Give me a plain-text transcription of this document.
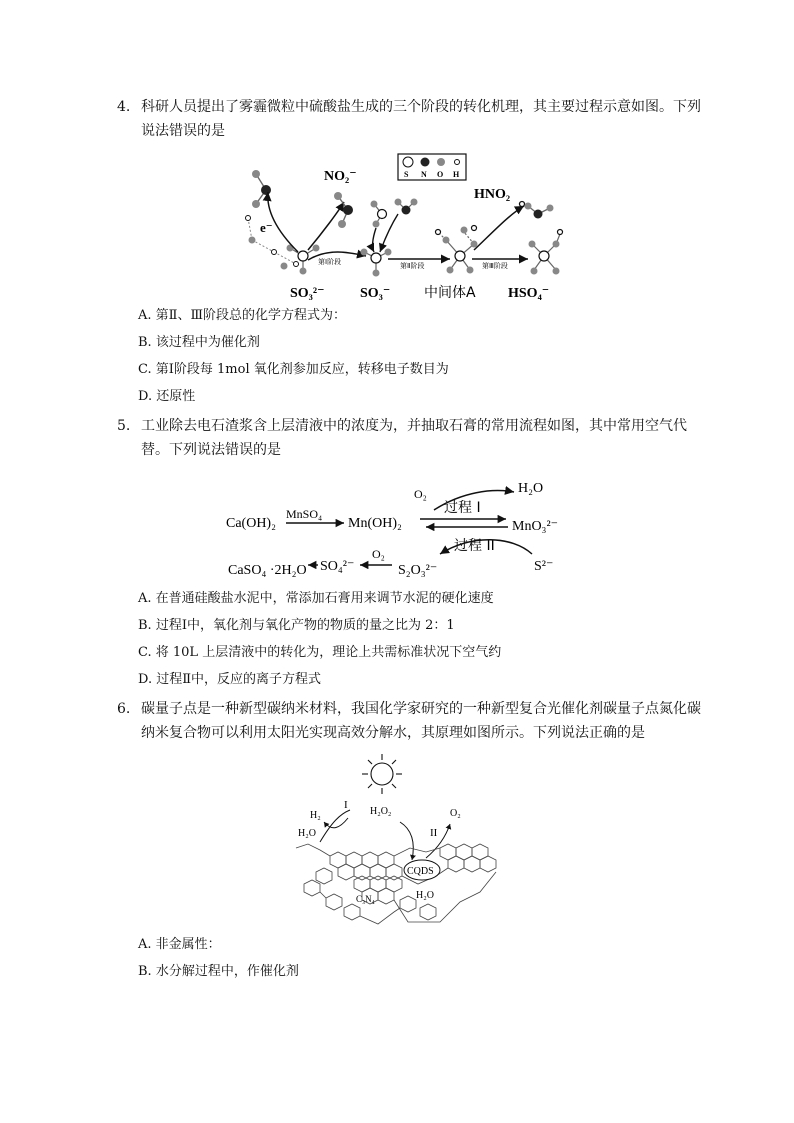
4. 科研人员提出了雾霾微粒中硫酸盐生成的三个阶段的转化机理，其主要过程示意如图。下列说法错误的是
S N O H
e⁻
NO₂⁻
第Ⅰ阶段	第Ⅱ阶段	第Ⅲ阶段
HNO₂
SO₃²⁻	SO₃⁻ 中间体A HSO₄⁻
A. 第Ⅱ、Ⅲ阶段总的化学方程式为：
B. 该过程中为催化剂
C. 第Ⅰ阶段每 1mol 氧化剂参加反应，转移电子数目为
D. 还原性
5. 工业除去电石渣浆含上层清液中的浓度为，并抽取石膏的常用流程如图，其中常用空气代替。下列说法错误的是
Ca(OH)₂
MnSO₄
Mn(OH)₂	MnO₃²⁻
O₂
过程 I
H₂O
过程 II
S²⁻
S₂O₃²⁻
O₂
SO₄²⁻
CaSO₄ ·2H₂O
A. 在普通硅酸盐水泥中，常添加石膏用来调节水泥的硬化速度
B. 过程Ⅰ中，氧化剂与氧化产物的物质的量之比为 2：1
C. 将 10L 上层清液中的转化为，理论上共需标准状况下空气约
D. 过程Ⅱ中，反应的离子方程式
6. 碳量子点是一种新型碳纳米材料，我国化学家研究的一种新型复合光催化剂碳量子点氮化碳纳米复合物可以利用太阳光实现高效分解水，其原理如图所示。下列说法正确的是
H₂
I
H₂O₂	O₂
II
H₂O
CQDS
H₂O
C₃N₄
A. 非金属性：
B. 水分解过程中，作催化剂
